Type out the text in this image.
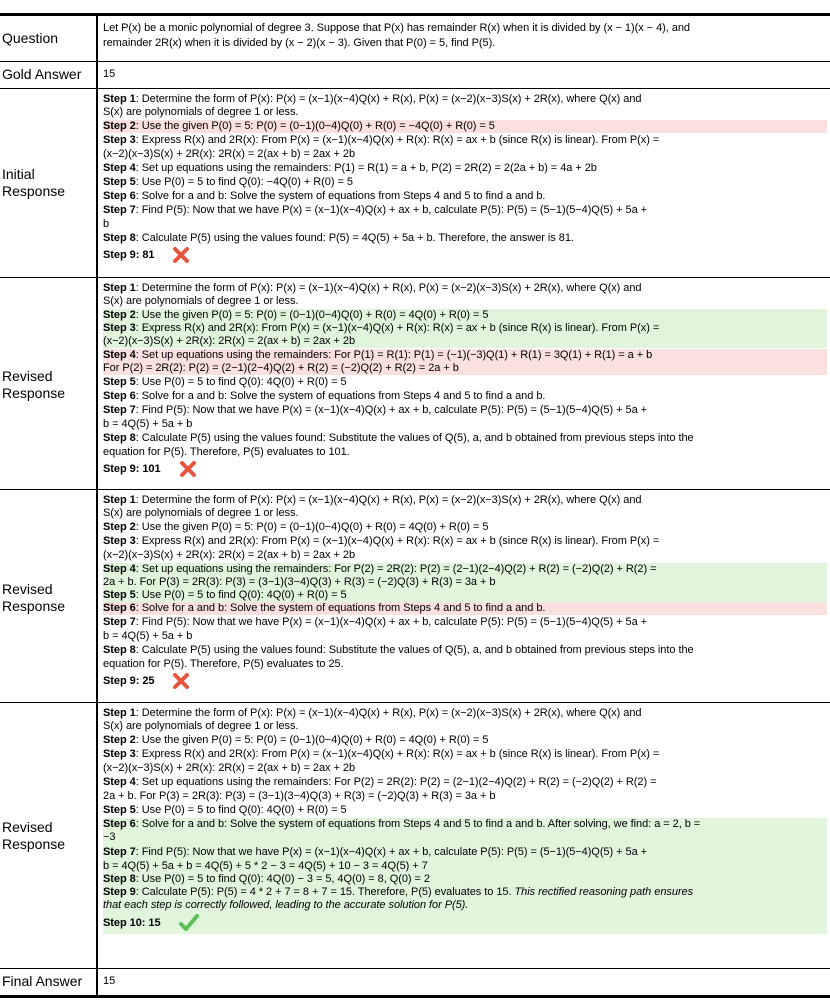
Question
Gold Answer
Initial Response
Revised Response
Revised Response
Revised Response
Final Answer
Let P(x) be a monic polynomial of degree 3. Suppose that P(x) has remainder R(x) when it is divided by (x − 1)(x − 4), and
remainder 2R(x) when it is divided by (x − 2)(x − 3). Given that P(0) = 5, find P(5).
15
Step 1: Determine the form of P(x): P(x) = (x−1)(x−4)Q(x) + R(x), P(x) = (x−2)(x−3)S(x) + 2R(x), where Q(x) and
S(x) are polynomials of degree 1 or less.
Step 2: Use the given P(0) = 5: P(0) = (0−1)(0−4)Q(0) + R(0) = −4Q(0) + R(0) = 5
Step 3: Express R(x) and 2R(x): From P(x) = (x−1)(x−4)Q(x) + R(x): R(x) = ax + b (since R(x) is linear). From P(x) =
(x−2)(x−3)S(x) + 2R(x): 2R(x) = 2(ax + b) = 2ax + 2b
Step 4: Set up equations using the remainders: P(1) = R(1) = a + b, P(2) = 2R(2) = 2(2a + b) = 4a + 2b
Step 5: Use P(0) = 5 to find Q(0): −4Q(0) + R(0) = 5
Step 6: Solve for a and b: Solve the system of equations from Steps 4 and 5 to find a and b.
Step 7: Find P(5): Now that we have P(x) = (x−1)(x−4)Q(x) + ax + b, calculate P(5): P(5) = (5−1)(5−4)Q(5) + 5a +
b
Step 8: Calculate P(5) using the values found: P(5) = 4Q(5) + 5a + b. Therefore, the answer is 81.
Step 9: 81
Step 1: Determine the form of P(x): P(x) = (x−1)(x−4)Q(x) + R(x), P(x) = (x−2)(x−3)S(x) + 2R(x), where Q(x) and
S(x) are polynomials of degree 1 or less.
Step 2: Use the given P(0) = 5: P(0) = (0−1)(0−4)Q(0) + R(0) = 4Q(0) + R(0) = 5
Step 3: Express R(x) and 2R(x): From P(x) = (x−1)(x−4)Q(x) + R(x): R(x) = ax + b (since R(x) is linear). From P(x) =
(x−2)(x−3)S(x) + 2R(x): 2R(x) = 2(ax + b) = 2ax + 2b
Step 4: Set up equations using the remainders: For P(1) = R(1): P(1) = (−1)(−3)Q(1) + R(1) = 3Q(1) + R(1) = a + b
For P(2) = 2R(2): P(2) = (2−1)(2−4)Q(2) + R(2) = (−2)Q(2) + R(2) = 2a + b
Step 5: Use P(0) = 5 to find Q(0): 4Q(0) + R(0) = 5
Step 6: Solve for a and b: Solve the system of equations from Steps 4 and 5 to find a and b.
Step 7: Find P(5): Now that we have P(x) = (x−1)(x−4)Q(x) + ax + b, calculate P(5): P(5) = (5−1)(5−4)Q(5) + 5a +
b = 4Q(5) + 5a + b
Step 8: Calculate P(5) using the values found: Substitute the values of Q(5), a, and b obtained from previous steps into the
equation for P(5). Therefore, P(5) evaluates to 101.
Step 9: 101
Step 1: Determine the form of P(x): P(x) = (x−1)(x−4)Q(x) + R(x), P(x) = (x−2)(x−3)S(x) + 2R(x), where Q(x) and
S(x) are polynomials of degree 1 or less.
Step 2: Use the given P(0) = 5: P(0) = (0−1)(0−4)Q(0) + R(0) = 4Q(0) + R(0) = 5
Step 3: Express R(x) and 2R(x): From P(x) = (x−1)(x−4)Q(x) + R(x): R(x) = ax + b (since R(x) is linear). From P(x) =
(x−2)(x−3)S(x) + 2R(x): 2R(x) = 2(ax + b) = 2ax + 2b
Step 4: Set up equations using the remainders: For P(2) = 2R(2): P(2) = (2−1)(2−4)Q(2) + R(2) = (−2)Q(2) + R(2) =
2a + b. For P(3) = 2R(3): P(3) = (3−1)(3−4)Q(3) + R(3) = (−2)Q(3) + R(3) = 3a + b
Step 5: Use P(0) = 5 to find Q(0): 4Q(0) + R(0) = 5
Step 6: Solve for a and b: Solve the system of equations from Steps 4 and 5 to find a and b.
Step 7: Find P(5): Now that we have P(x) = (x−1)(x−4)Q(x) + ax + b, calculate P(5): P(5) = (5−1)(5−4)Q(5) + 5a +
b = 4Q(5) + 5a + b
Step 8: Calculate P(5) using the values found: Substitute the values of Q(5), a, and b obtained from previous steps into the
equation for P(5). Therefore, P(5) evaluates to 25.
Step 9: 25
Step 1: Determine the form of P(x): P(x) = (x−1)(x−4)Q(x) + R(x), P(x) = (x−2)(x−3)S(x) + 2R(x), where Q(x) and
S(x) are polynomials of degree 1 or less.
Step 2: Use the given P(0) = 5: P(0) = (0−1)(0−4)Q(0) + R(0) = 4Q(0) + R(0) = 5
Step 3: Express R(x) and 2R(x): From P(x) = (x−1)(x−4)Q(x) + R(x): R(x) = ax + b (since R(x) is linear). From P(x) =
(x−2)(x−3)S(x) + 2R(x): 2R(x) = 2(ax + b) = 2ax + 2b
Step 4: Set up equations using the remainders: For P(2) = 2R(2): P(2) = (2−1)(2−4)Q(2) + R(2) = (−2)Q(2) + R(2) =
2a + b. For P(3) = 2R(3): P(3) = (3−1)(3−4)Q(3) + R(3) = (−2)Q(3) + R(3) = 3a + b
Step 5: Use P(0) = 5 to find Q(0): 4Q(0) + R(0) = 5
Step 6: Solve for a and b: Solve the system of equations from Steps 4 and 5 to find a and b. After solving, we find: a = 2, b =
−3
Step 7: Find P(5): Now that we have P(x) = (x−1)(x−4)Q(x) + ax + b, calculate P(5): P(5) = (5−1)(5−4)Q(5) + 5a +
b = 4Q(5) + 5a + b = 4Q(5) + 5 * 2 − 3 = 4Q(5) + 10 − 3 = 4Q(5) + 7
Step 8: Use P(0) = 5 to find Q(0): 4Q(0) − 3 = 5, 4Q(0) = 8, Q(0) = 2
Step 9: Calculate P(5): P(5) = 4 * 2 + 7 = 8 + 7 = 15. Therefore, P(5) evaluates to 15. This rectified reasoning path ensures
that each step is correctly followed, leading to the accurate solution for P(5).
Step 10: 15
15
